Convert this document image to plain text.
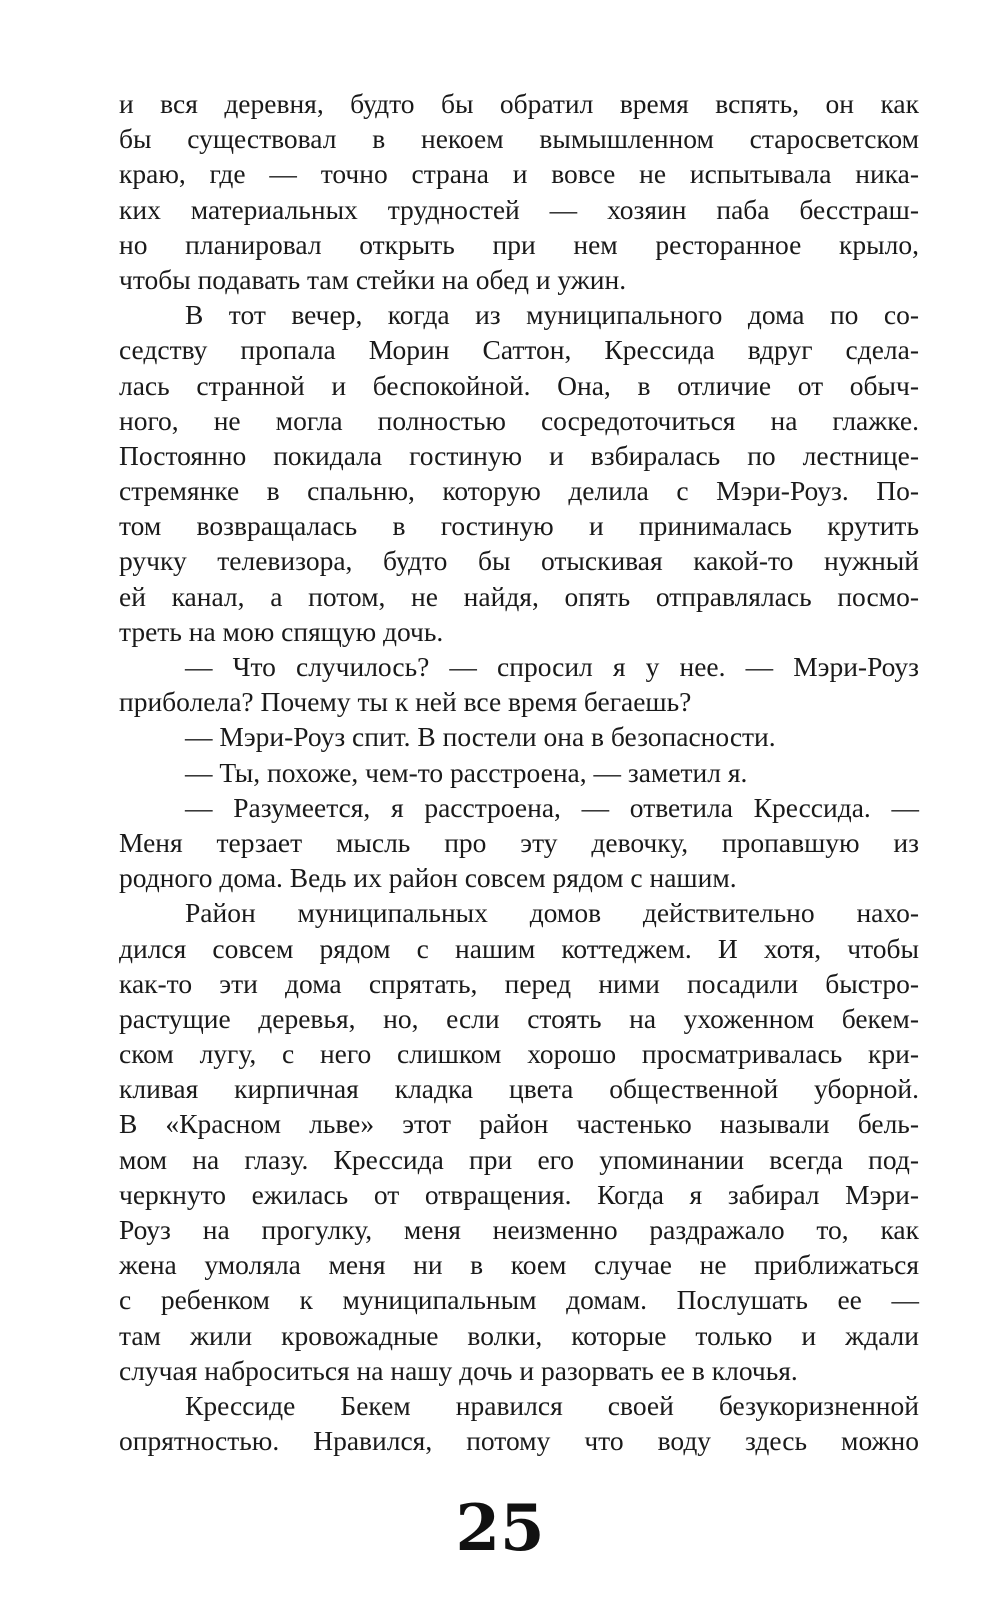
и вся деревня, будто бы обратил время вспять, он как
бы существовал в некоем вымышленном старосветском
краю, где — точно страна и вовсе не испытывала ника-
ких материальных трудностей — хозяин паба бесстраш-
но планировал открыть при нем ресторанное крыло,
чтобы подавать там стейки на обед и ужин.
В тот вечер, когда из муниципального дома по со-
седству пропала Морин Саттон, Крессида вдруг сдела-
лась странной и беспокойной. Она, в отличие от обыч-
ного, не могла полностью сосредоточиться на глажке.
Постоянно покидала гостиную и взбиралась по лестнице-
стремянке в спальню, которую делила с Мэри-Роуз. По-
том возвращалась в гостиную и принималась крутить
ручку телевизора, будто бы отыскивая какой-то нужный
ей канал, а потом, не найдя, опять отправлялась посмо-
треть на мою спящую дочь.
— Что случилось? — спросил я у нее. — Мэри-Роуз
приболела? Почему ты к ней все время бегаешь?
— Мэри-Роуз спит. В постели она в безопасности.
— Ты, похоже, чем-то расстроена, — заметил я.
— Разумеется, я расстроена, — ответила Крессида. —
Меня терзает мысль про эту девочку, пропавшую из
родного дома. Ведь их район совсем рядом с нашим.
Район муниципальных домов действительно нахо-
дился совсем рядом с нашим коттеджем. И хотя, чтобы
как-то эти дома спрятать, перед ними посадили быстро-
растущие деревья, но, если стоять на ухоженном бекем-
ском лугу, с него слишком хорошо просматривалась кри-
кливая кирпичная кладка цвета общественной уборной.
В «Красном льве» этот район частенько называли бель-
мом на глазу. Крессида при его упоминании всегда под-
черкнуто ежилась от отвращения. Когда я забирал Мэри-
Роуз на прогулку, меня неизменно раздражало то, как
жена умоляла меня ни в коем случае не приближаться
с ребенком к муниципальным домам. Послушать ее —
там жили кровожадные волки, которые только и ждали
случая наброситься на нашу дочь и разорвать ее в клочья.
Крессиде Бекем нравился своей безукоризненной
опрятностью. Нравился, потому что воду здесь можно
25
